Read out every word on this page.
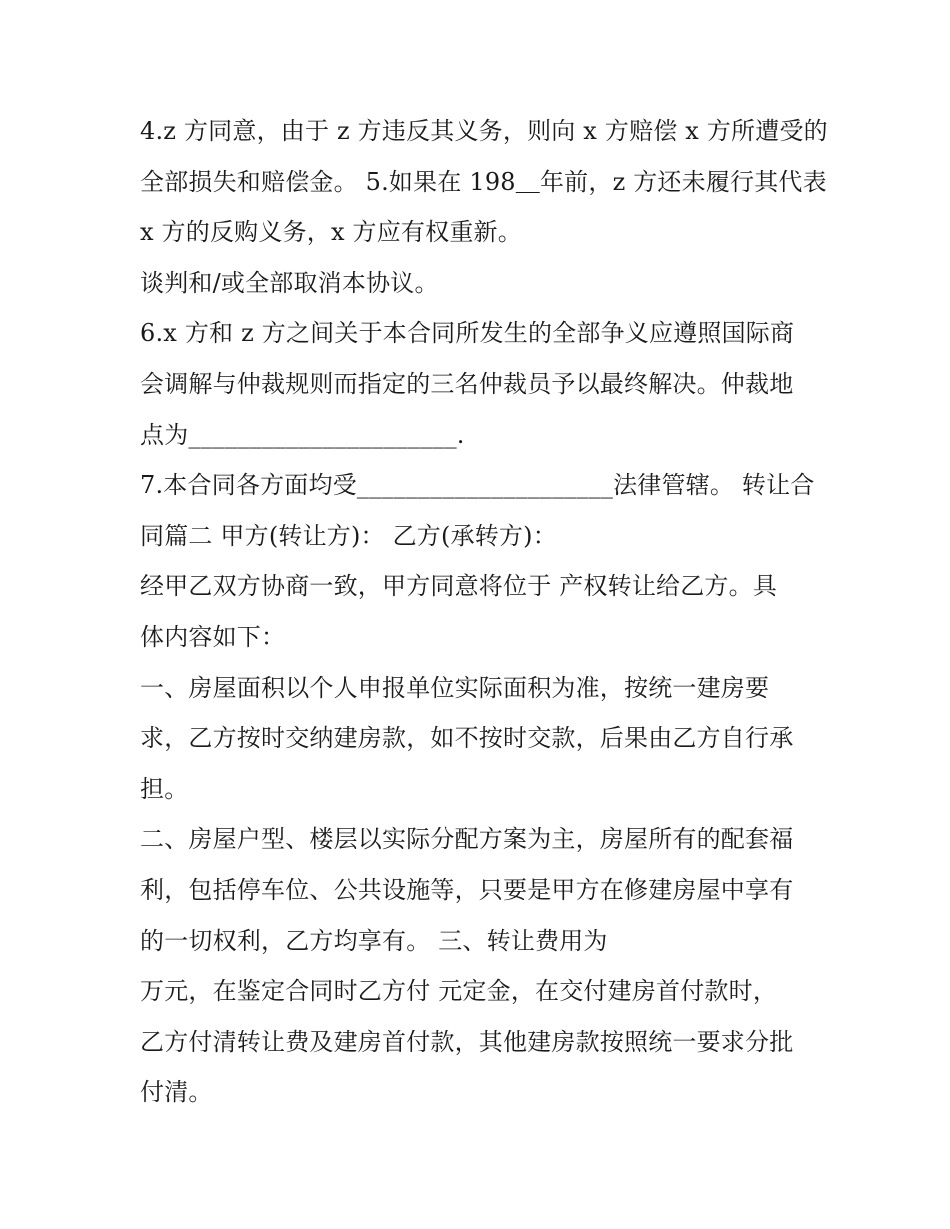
4.z 方同意，由于 z 方违反其义务，则向 x 方赔偿 x 方所遭受的
全部损失和赔偿金。 5.如果在 198＿年前，z 方还未履行其代表
x 方的反购义务，x 方应有权重新。
谈判和/或全部取消本协议。
6.x 方和 z 方之间关于本合同所发生的全部争义应遵照国际商
会调解与仲裁规则而指定的三名仲裁员予以最终解决。仲裁地
点为______________________.
7.本合同各方面均受_____________________法律管辖。 转让合
同篇二 甲方(转让方)： 乙方(承转方)：
经甲乙双方协商一致，甲方同意将位于 产权转让给乙方。具
体内容如下：
一、房屋面积以个人申报单位实际面积为准，按统一建房要
求，乙方按时交纳建房款，如不按时交款，后果由乙方自行承
担。
二、房屋户型、楼层以实际分配方案为主，房屋所有的配套福
利，包括停车位、公共设施等，只要是甲方在修建房屋中享有
的一切权利，乙方均享有。 三、转让费用为
万元，在鉴定合同时乙方付 元定金，在交付建房首付款时，
乙方付清转让费及建房首付款，其他建房款按照统一要求分批
付清。
